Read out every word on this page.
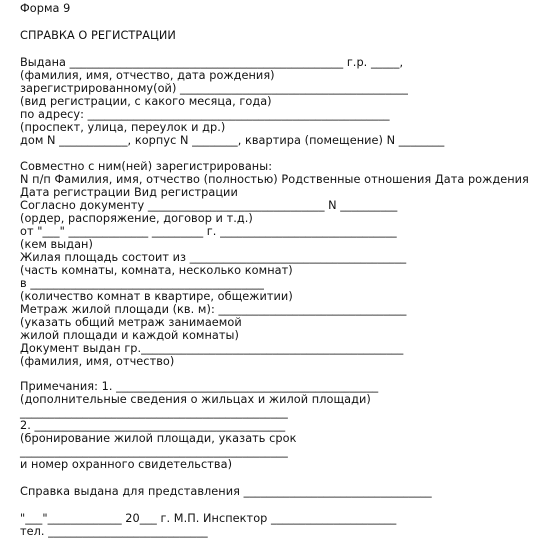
Форма 9
СПРАВКА О РЕГИСТРАЦИИ
Выдана ________________________________________________ г.р. _____,
(фамилия, имя, отчество, дата рождения)
зарегистрированному(ой) ________________________________________
(вид регистрации, с какого месяца, года)
по адресу: _____________________________________________________
(проспект, улица, переулок и др.)
дом N ____________, корпус N ________, квартира (помещение) N ________
Совместно с ним(ней) зарегистрированы:
N п/п Фамилия, имя, отчество (полностью) Родственные отношения Дата рождения
Дата регистрации Вид регистрации
Согласно документу _______________________________ N __________
(ордер, распоряжение, договор и т.д.)
от "___" ______________ _________ г. _______________________________
(кем выдан)
Жилая площадь состоит из ______________________________________
(часть комнаты, комната, несколько комнат)
в _________________________________________
(количество комнат в квартире, общежитии)
Метраж жилой площади (кв. м): _________________________________
(указать общий метраж занимаемой
жилой площади и каждой комнаты)
Документ выдан гр.______________________________________________
(фамилия, имя, отчество)
Примечания: 1. ______________________________________________
(дополнительные сведения о жильцах и жилой площади)
_______________________________________________
2. ____________________________________________
(бронирование жилой площади, указать срок
_______________________________________________
и номер охранного свидетельства)
Справка выдана для представления _________________________________
"___"_____________ 20___ г. М.П. Инспектор ______________________
тел. ____________________________
